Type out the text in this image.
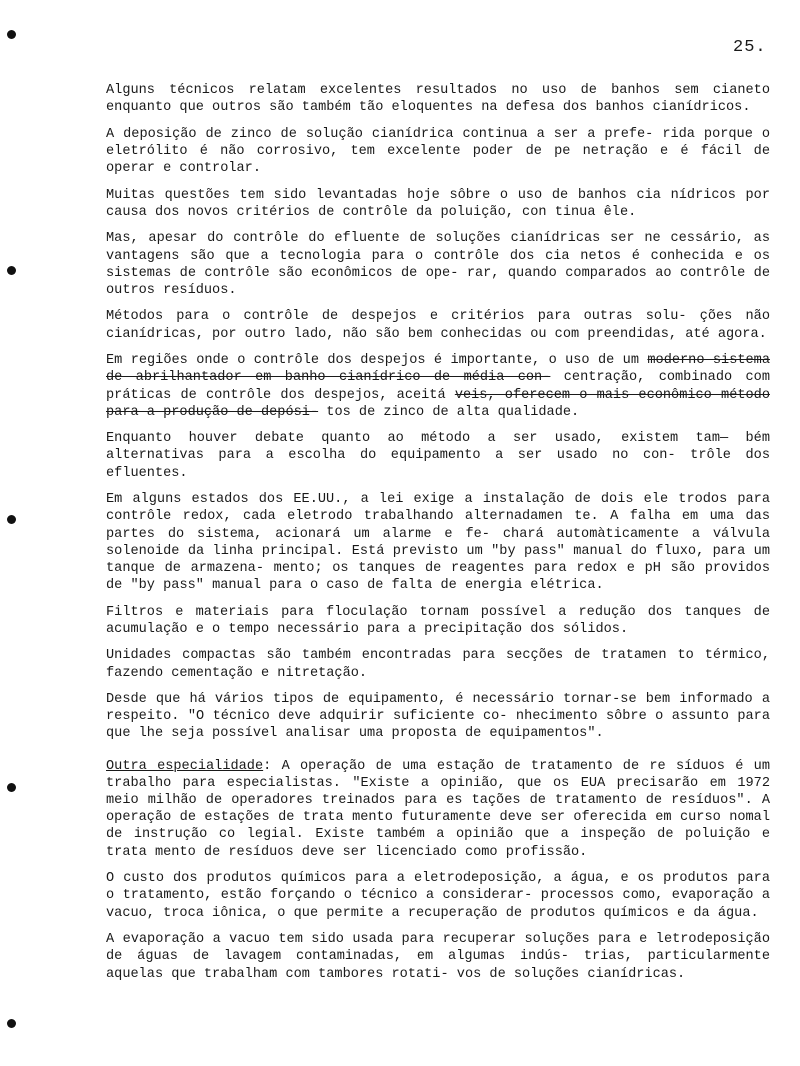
25.

Alguns técnicos relatam excelentes resultados no uso de banhos sem cianeto enquanto que outros são também tão eloquentes na defesa dos banhos cianídricos.

A deposição de zinco de solução cianídrica continua a ser a prefe- rida porque o eletrólito é não corrosivo, tem excelente poder de pe netração e é fácil de operar e controlar.

Muitas questões tem sido levantadas hoje sôbre o uso de banhos cia nídricos por causa dos novos critérios de contrôle da poluição, con tinua êle.

Mas, apesar do contrôle do efluente de soluções cianídricas ser ne cessário, as vantagens são que a tecnologia para o contrôle dos cia netos é conhecida e os sistemas de contrôle são econômicos de ope- rar, quando comparados ao contrôle de outros resíduos.

Métodos para o contrôle de despejos e critérios para outras solu- ções não cianídricas, por outro lado, não são bem conhecidas ou com preendidas, até agora.

Em regiões onde o contrôle dos despejos é importante, o uso de um moderno sistema de abrilhantador em banho cianídrico de média con- centração, combinado com práticas de contrôle dos despejos, aceitá veis, oferecem o mais econômico método para a produção de depósi- tos de zinco de alta qualidade.

Enquanto houver debate quanto ao método a ser usado, existem tam— bém alternativas para a escolha do equipamento a ser usado no con- trôle dos efluentes.

Em alguns estados dos EE.UU., a lei exige a instalação de dois ele trodos para contrôle redox, cada eletrodo trabalhando alternadamen te. A falha em uma das partes do sistema, acionará um alarme e fe- chará automàticamente a válvula solenoide da linha principal. Está previsto um "by pass" manual do fluxo, para um tanque de armazena- mento; os tanques de reagentes para redox e pH são providos de "by pass" manual para o caso de falta de energia elétrica.

Filtros e materiais para floculação tornam possível a redução dos tanques de acumulação e o tempo necessário para a precipitação dos sólidos.

Unidades compactas são também encontradas para secções de tratamen to térmico, fazendo cementação e nitretação.

Desde que há vários tipos de equipamento, é necessário tornar-se bem informado a respeito. "O técnico deve adquirir suficiente co- nhecimento sôbre o assunto para que lhe seja possível analisar uma proposta de equipamentos".

Outra especialidade: A operação de uma estação de tratamento de re síduos é um trabalho para especialistas. "Existe a opinião, que os EUA precisarão em 1972 meio milhão de operadores treinados para es tações de tratamento de resíduos". A operação de estações de trata mento futuramente deve ser oferecida em curso nomal de instrução co legial. Existe também a opinião que a inspeção de poluição e trata mento de resíduos deve ser licenciado como profissão.

O custo dos produtos químicos para a eletrodeposição, a água, e os produtos para o tratamento, estão forçando o técnico a considerar- processos como, evaporação a vacuo, troca iônica, o que permite a recuperação de produtos químicos e da água.

A evaporação a vacuo tem sido usada para recuperar soluções para e letrodeposição de águas de lavagem contaminadas, em algumas indús- trias, particularmente aquelas que trabalham com tambores rotati- vos de soluções cianídricas.
